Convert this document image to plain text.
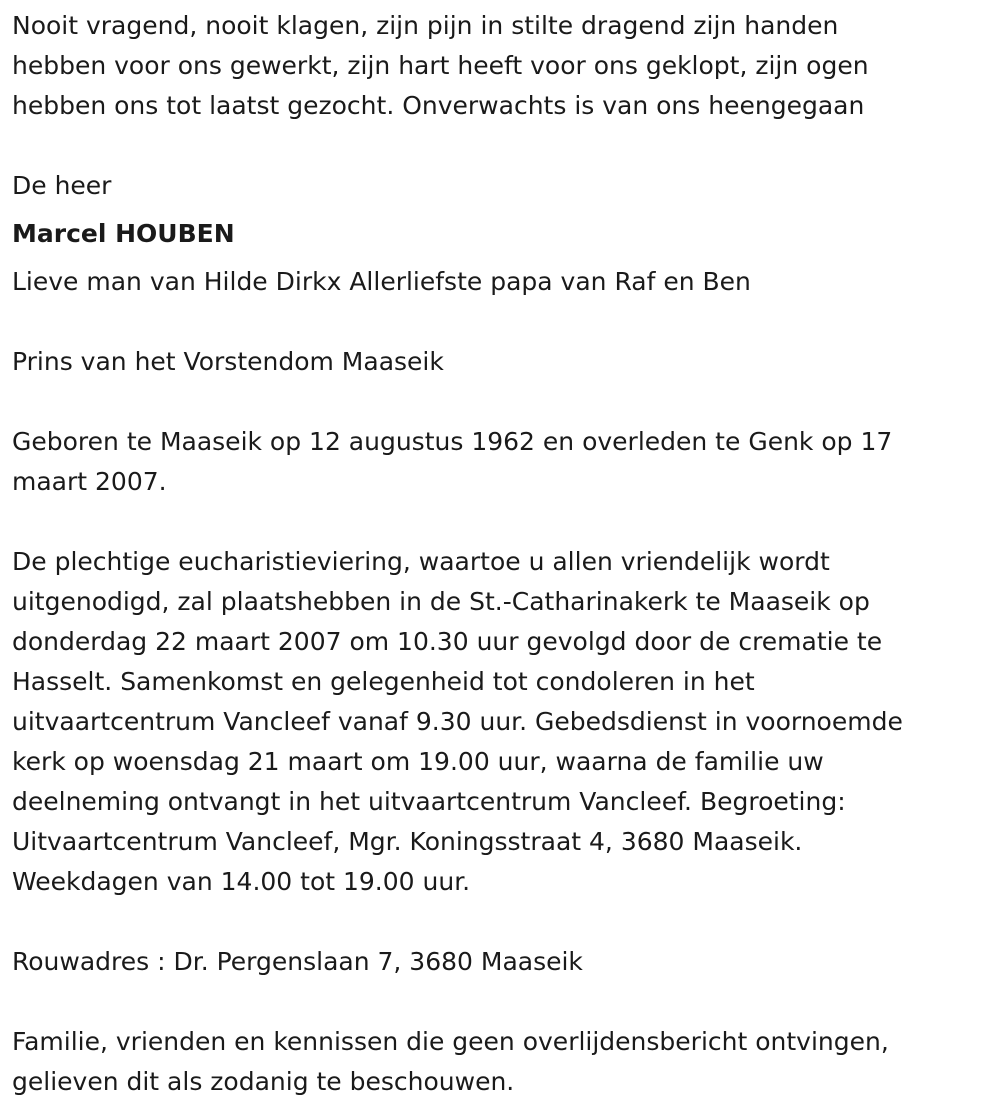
Nooit vragend, nooit klagen, zijn pijn in stilte dragend zijn handen
hebben voor ons gewerkt, zijn hart heeft voor ons geklopt, zijn ogen
hebben ons tot laatst gezocht. Onverwachts is van ons heengegaan
De heer
Marcel HOUBEN
Lieve man van Hilde Dirkx Allerliefste papa van Raf en Ben
Prins van het Vorstendom Maaseik
Geboren te Maaseik op 12 augustus 1962 en overleden te Genk op 17
maart 2007.
De plechtige eucharistieviering, waartoe u allen vriendelijk wordt
uitgenodigd, zal plaatshebben in de St.-Catharinakerk te Maaseik op
donderdag 22 maart 2007 om 10.30 uur gevolgd door de crematie te
Hasselt. Samenkomst en gelegenheid tot condoleren in het
uitvaartcentrum Vancleef vanaf 9.30 uur. Gebedsdienst in voornoemde
kerk op woensdag 21 maart om 19.00 uur, waarna de familie uw
deelneming ontvangt in het uitvaartcentrum Vancleef. Begroeting:
Uitvaartcentrum Vancleef, Mgr. Koningsstraat 4, 3680 Maaseik.
Weekdagen van 14.00 tot 19.00 uur.
Rouwadres : Dr. Pergenslaan 7, 3680 Maaseik
Familie, vrienden en kennissen die geen overlijdensbericht ontvingen,
gelieven dit als zodanig te beschouwen.
